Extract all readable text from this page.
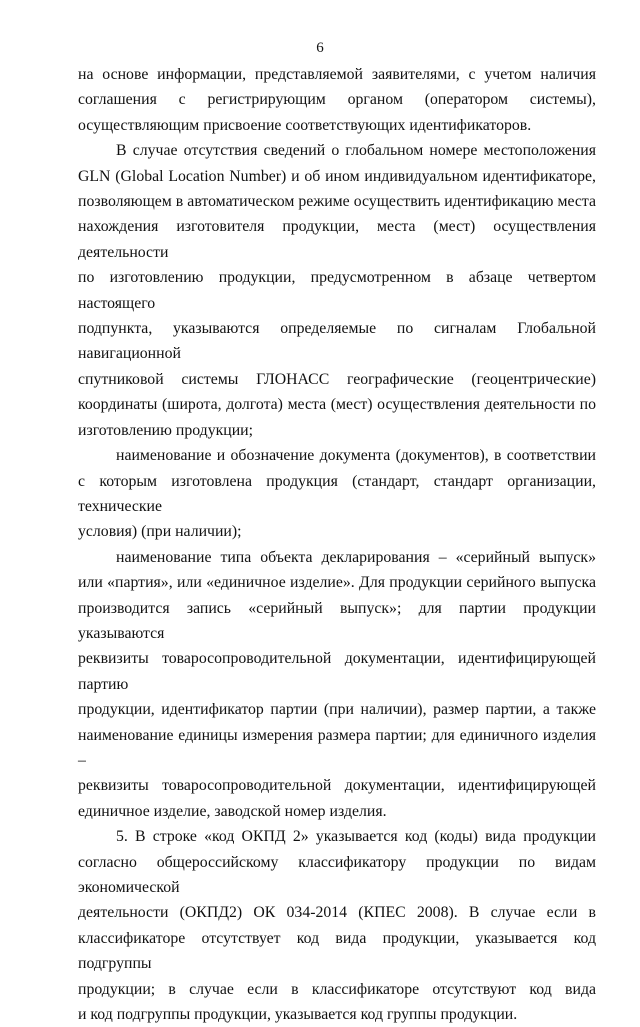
6
на основе информации, представляемой заявителями, с учетом наличия
соглашения с регистрирующим органом (оператором системы),
осуществляющим присвоение соответствующих идентификаторов.
В случае отсутствия сведений о глобальном номере местоположения
GLN (Global Location Number) и об ином индивидуальном идентификаторе,
позволяющем в автоматическом режиме осуществить идентификацию места
нахождения изготовителя продукции, места (мест) осуществления деятельности
по изготовлению продукции, предусмотренном в абзаце четвертом настоящего
подпункта, указываются определяемые по сигналам Глобальной навигационной
спутниковой системы ГЛОНАСС географические (геоцентрические)
координаты (широта, долгота) места (мест) осуществления деятельности по
изготовлению продукции;
наименование и обозначение документа (документов), в соответствии
с которым изготовлена продукция (стандарт, стандарт организации, технические
условия) (при наличии);
наименование типа объекта декларирования – «серийный выпуск»
или «партия», или «единичное изделие». Для продукции серийного выпуска
производится запись «серийный выпуск»; для партии продукции указываются
реквизиты товаросопроводительной документации, идентифицирующей партию
продукции, идентификатор партии (при наличии), размер партии, а также
наименование единицы измерения размера партии; для единичного изделия –
реквизиты товаросопроводительной документации, идентифицирующей
единичное изделие, заводской номер изделия.
5. В строке «код ОКПД 2» указывается код (коды) вида продукции
согласно общероссийскому классификатору продукции по видам экономической
деятельности (ОКПД2) ОК 034-2014 (КПЕС 2008). В случае если в
классификаторе отсутствует код вида продукции, указывается код подгруппы
продукции; в случае если в классификаторе отсутствуют код вида
и код подгруппы продукции, указывается код группы продукции.
